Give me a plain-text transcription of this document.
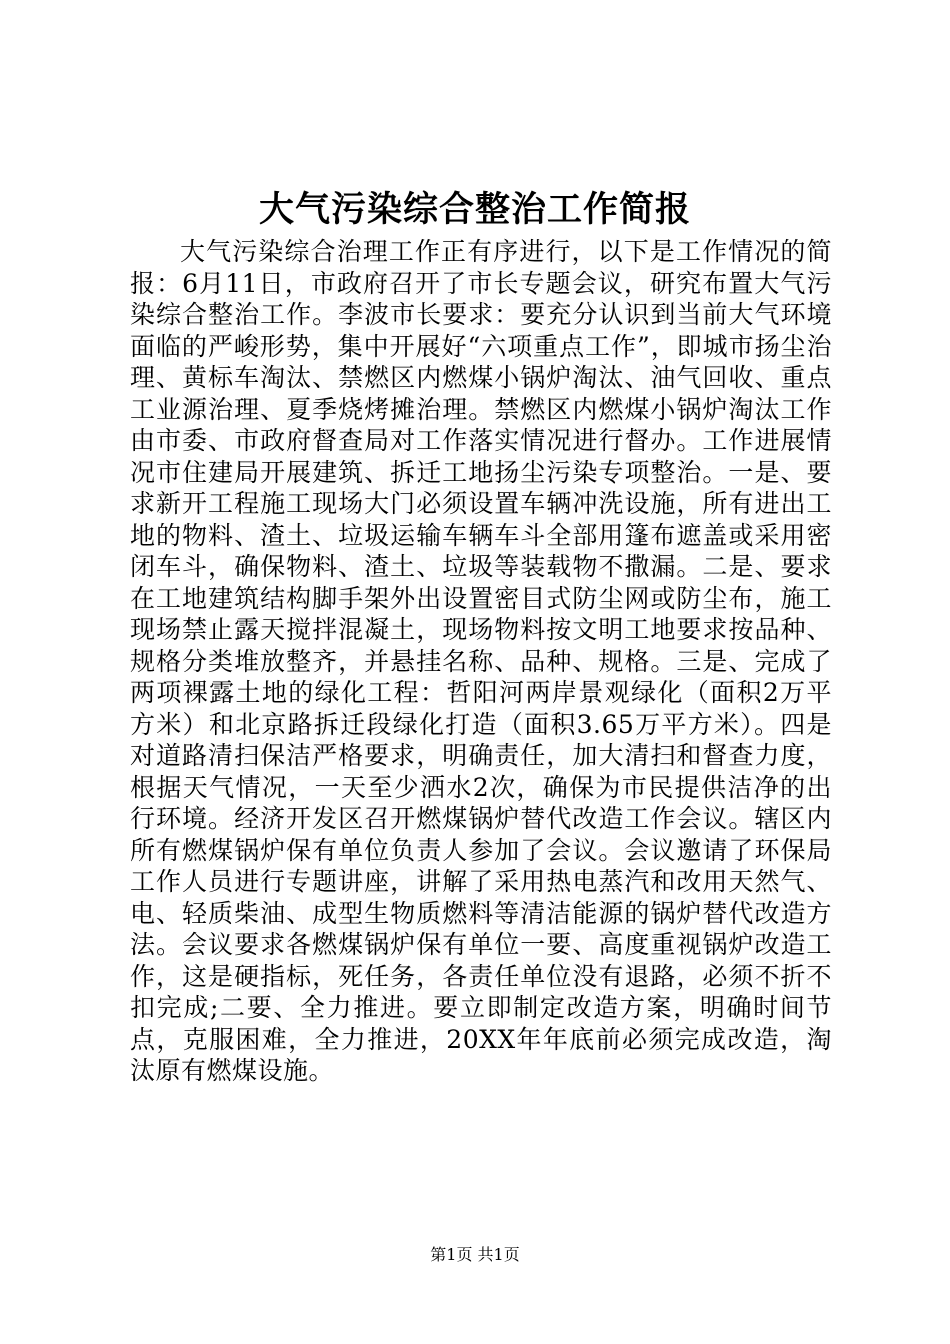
大气污染综合整治工作简报

大气污染综合治理工作正有序进行，以下是工作情况的简报：6月11日，市政府召开了市长专题会议，研究布置大气污染综合整治工作。李波市长要求：要充分认识到当前大气环境面临的严峻形势，集中开展好“六项重点工作”，即城市扬尘治理、黄标车淘汰、禁燃区内燃煤小锅炉淘汰、油气回收、重点工业源治理、夏季烧烤摊治理。禁燃区内燃煤小锅炉淘汰工作由市委、市政府督查局对工作落实情况进行督办。工作进展情况市住建局开展建筑、拆迁工地扬尘污染专项整治。一是、要求新开工程施工现场大门必须设置车辆冲洗设施，所有进出工地的物料、渣土、垃圾运输车辆车斗全部用篷布遮盖或采用密闭车斗，确保物料、渣土、垃圾等装载物不撒漏。二是、要求在工地建筑结构脚手架外出设置密目式防尘网或防尘布，施工现场禁止露天搅拌混凝土，现场物料按文明工地要求按品种、规格分类堆放整齐，并悬挂名称、品种、规格。三是、完成了两项裸露土地的绿化工程：哲阳河两岸景观绿化（面积2万平方米）和北京路拆迁段绿化打造（面积3.65万平方米）。四是对道路清扫保洁严格要求，明确责任，加大清扫和督查力度，根据天气情况，一天至少洒水2次，确保为市民提供洁净的出行环境。经济开发区召开燃煤锅炉替代改造工作会议。辖区内所有燃煤锅炉保有单位负责人参加了会议。会议邀请了环保局工作人员进行专题讲座，讲解了采用热电蒸汽和改用天然气、电、轻质柴油、成型生物质燃料等清洁能源的锅炉替代改造方法。会议要求各燃煤锅炉保有单位一要、高度重视锅炉改造工作，这是硬指标，死任务，各责任单位没有退路，必须不折不扣完成;二要、全力推进。要立即制定改造方案，明确时间节点，克服困难，全力推进，20XX年年底前必须完成改造，淘汰原有燃煤设施。

第1页 共1页
